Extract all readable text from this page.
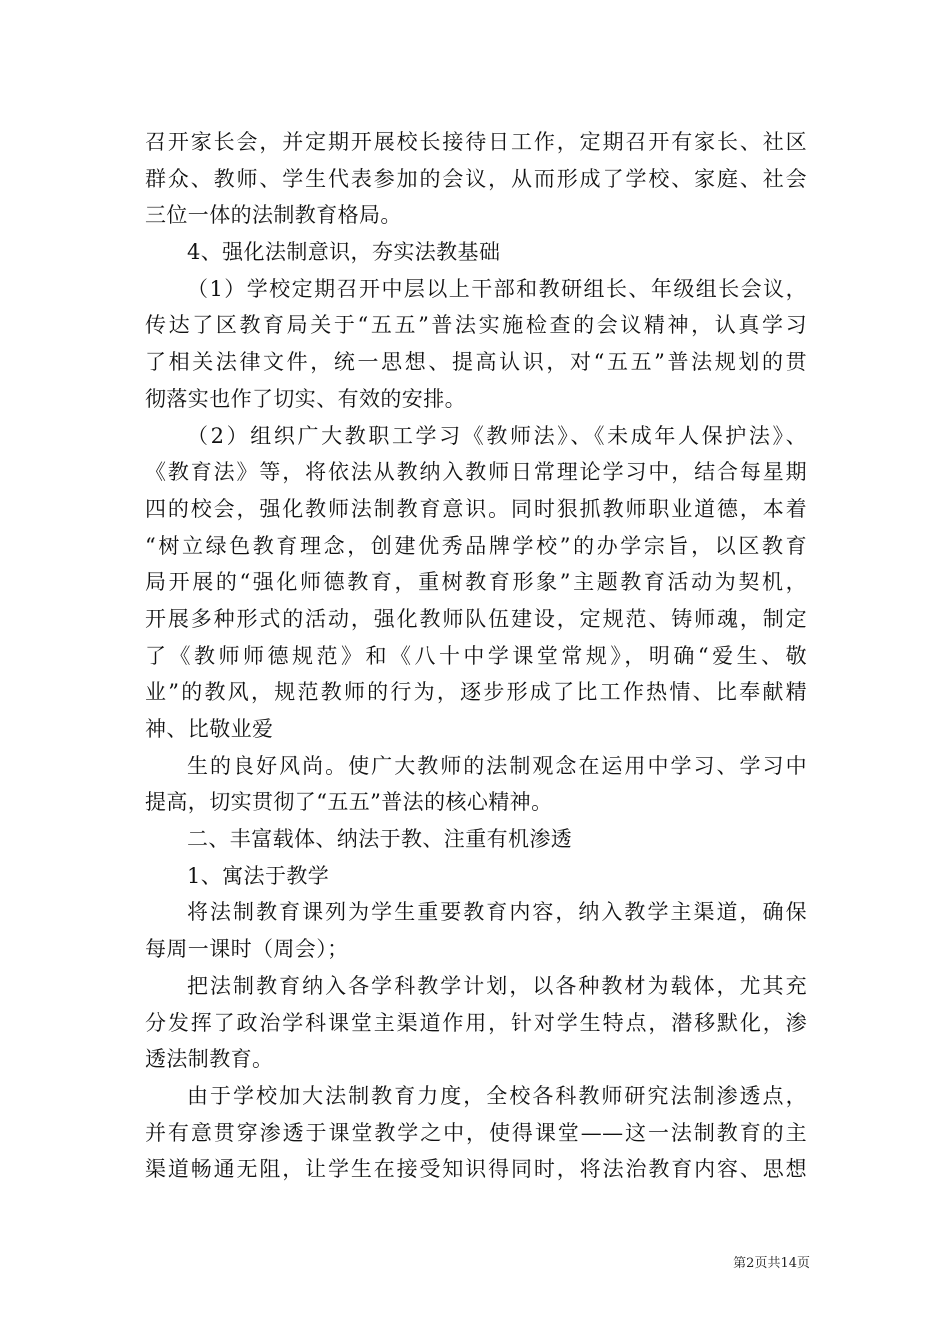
召开家长会，并定期开展校长接待日工作，定期召开有家长、社区
群众、教师、学生代表参加的会议，从而形成了学校、家庭、社会
三位一体的法制教育格局。
4、强化法制意识，夯实法教基础
（1）学校定期召开中层以上干部和教研组长、年级组长会议，
传达了区教育局关于“五五”普法实施检查的会议精神，认真学习
了相关法律文件，统一思想、提高认识，对“五五”普法规划的贯
彻落实也作了切实、有效的安排。
（2）组织广大教职工学习《教师法》、《未成年人保护法》、
《教育法》等，将依法从教纳入教师日常理论学习中，结合每星期
四的校会，强化教师法制教育意识。同时狠抓教师职业道德，本着
“树立绿色教育理念，创建优秀品牌学校”的办学宗旨，以区教育
局开展的“强化师德教育，重树教育形象”主题教育活动为契机，
开展多种形式的活动，强化教师队伍建设，定规范、铸师魂，制定
了《教师师德规范》和《八十中学课堂常规》，明确“爱生、敬
业”的教风，规范教师的行为，逐步形成了比工作热情、比奉献精
神、比敬业爱
生的良好风尚。使广大教师的法制观念在运用中学习、学习中
提高，切实贯彻了“五五”普法的核心精神。
二、丰富载体、纳法于教、注重有机渗透
1、寓法于教学
将法制教育课列为学生重要教育内容，纳入教学主渠道，确保
每周一课时（周会）；
把法制教育纳入各学科教学计划，以各种教材为载体，尤其充
分发挥了政治学科课堂主渠道作用，针对学生特点，潜移默化，渗
透法制教育。
由于学校加大法制教育力度，全校各科教师研究法制渗透点，
并有意贯穿渗透于课堂教学之中，使得课堂——这一法制教育的主
渠道畅通无阻，让学生在接受知识得同时，将法治教育内容、思想
第2页共14页
